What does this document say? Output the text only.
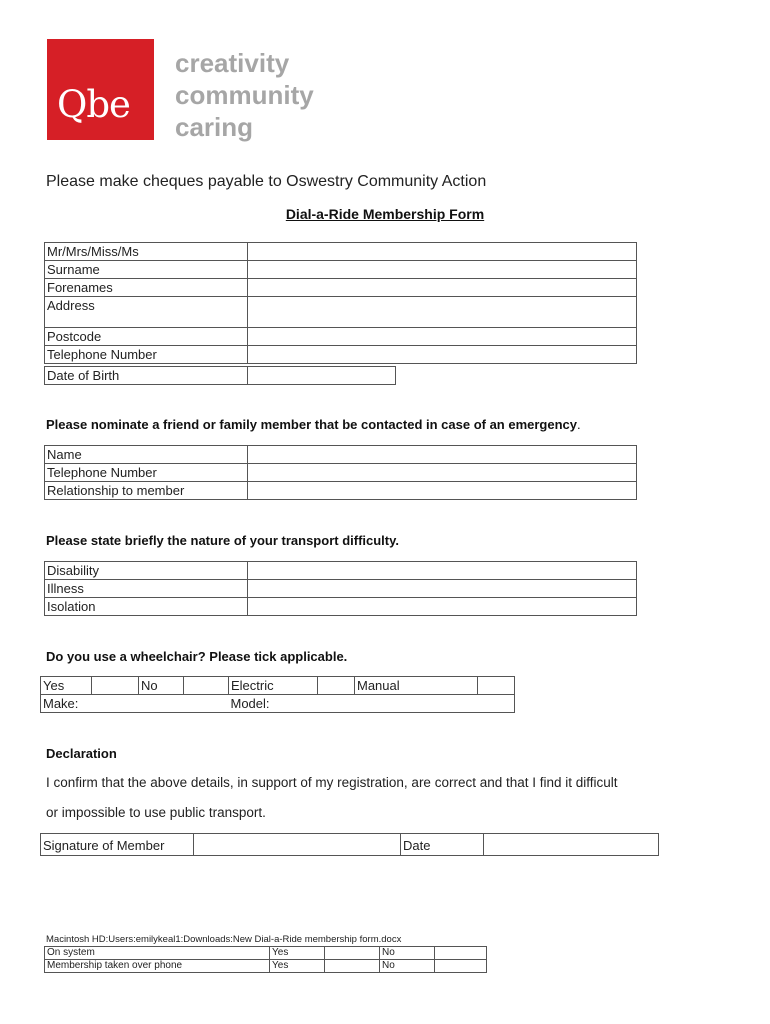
Qbe
creativity
community
caring
Please make cheques payable to Oswestry Community Action
Dial-a-Ride Membership Form
Mr/Mrs/Miss/Ms	
Surname	
Forenames	
Address	
Postcode	
Telephone Number	
Date of Birth	
Please nominate a friend or family member that be contacted in case of an emergency.
Name	
Telephone Number	
Relationship to member	
Please state briefly the nature of your transport difficulty.
Disability	
Illness	
Isolation	
Do you use a wheelchair? Please tick applicable.
Yes		No		Electric		Manual	
Make:				Model:			
Declaration
I confirm that the above details, in support of my registration, are correct and that I find it difficult
or impossible to use public transport.
Signature of Member		Date	
Macintosh HD:Users:emilykeal1:Downloads:New Dial-a-Ride membership form.docx
On system	Yes		No	
Membership taken over phone	Yes		No	
